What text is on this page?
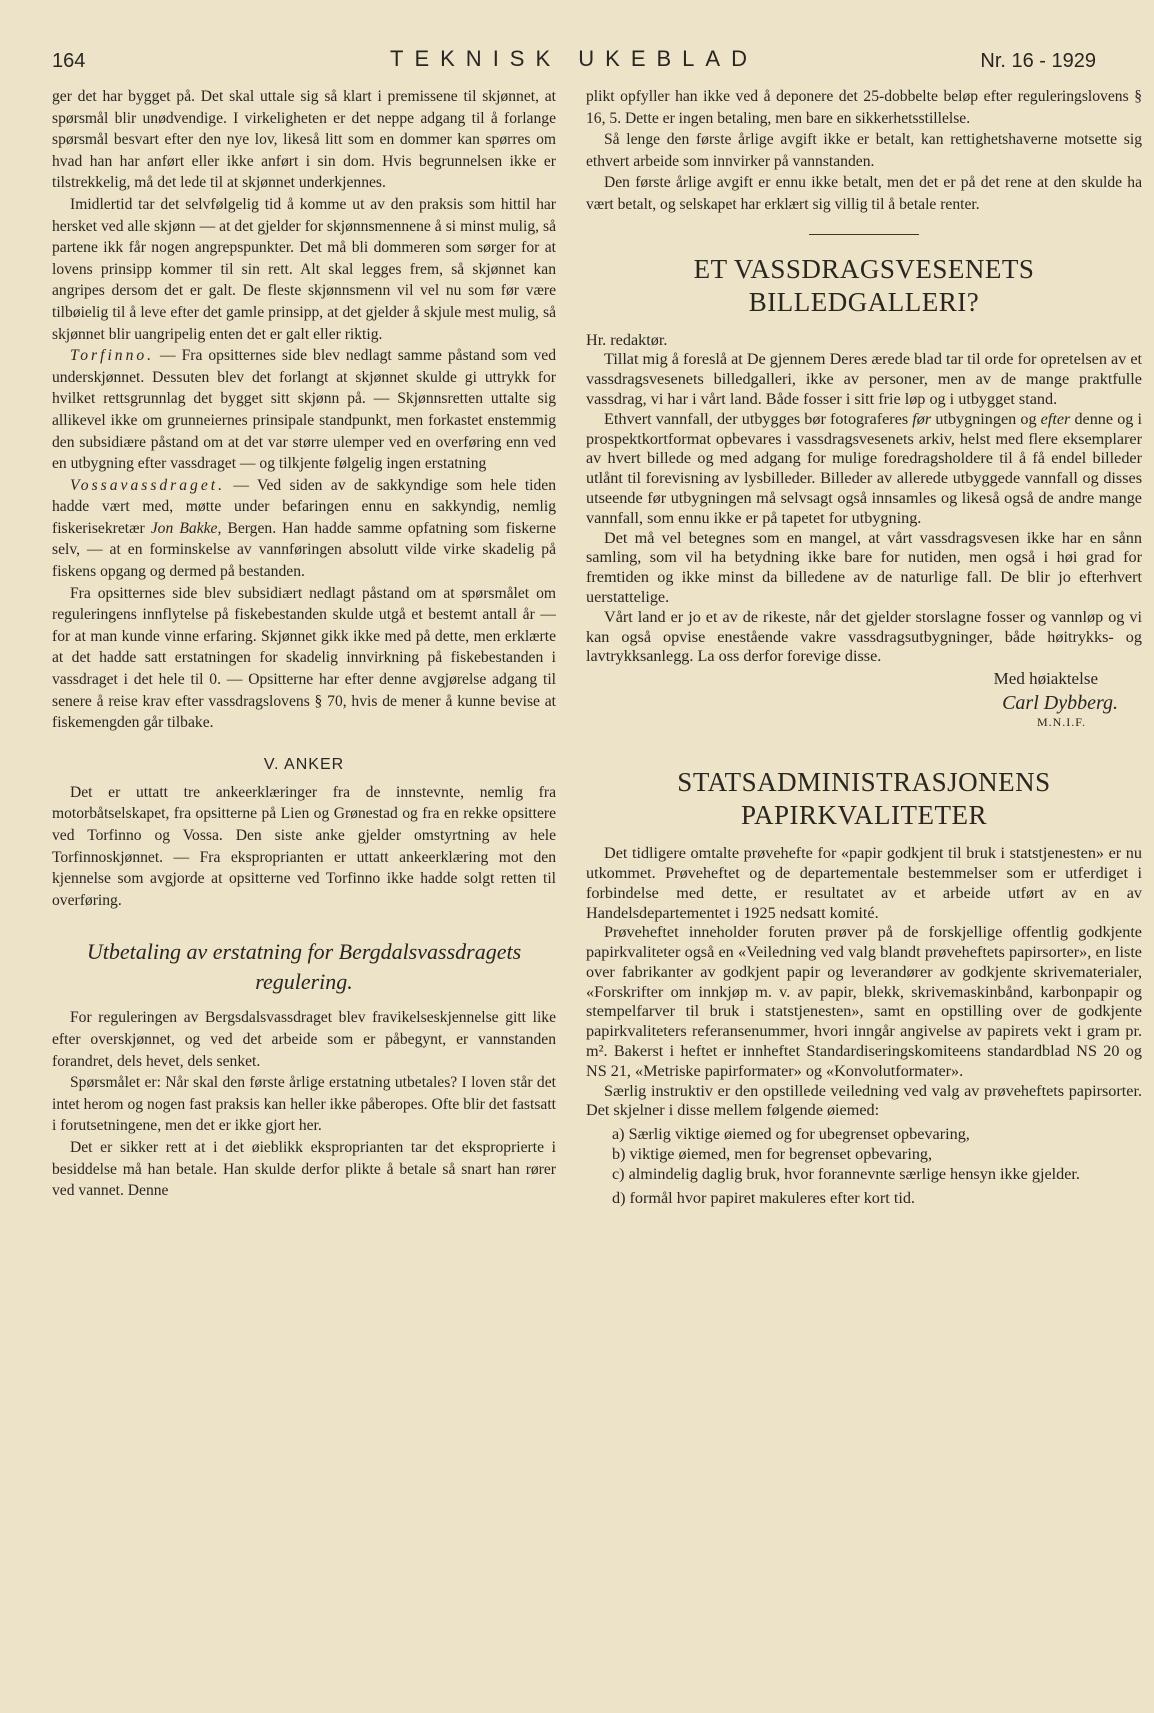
164	TEKNISK UKEBLAD	Nr. 16 - 1929

ger det har bygget på. Det skal uttale sig så klart i premissene til skjønnet, at spørsmål blir unødvendige. I virkeligheten er det neppe adgang til å forlange spørsmål besvart efter den nye lov, likeså litt som en dommer kan spørres om hvad han har anført eller ikke anført i sin dom. Hvis begrunnelsen ikke er tilstrekkelig, må det lede til at skjønnet underkjennes.

Imidlertid tar det selvfølgelig tid å komme ut av den praksis som hittil har hersket ved alle skjønn — at det gjelder for skjønnsmennene å si minst mulig, så partene ikk får nogen angrepspunkter. Det må bli dommeren som sørger for at lovens prinsipp kommer til sin rett. Alt skal legges frem, så skjønnet kan angripes dersom det er galt. De fleste skjønnsmenn vil vel nu som før være tilbøielig til å leve efter det gamle prinsipp, at det gjelder å skjule mest mulig, så skjønnet blir uangripelig enten det er galt eller riktig.

Torfinno. — Fra opsitternes side blev nedlagt samme påstand som ved underskjønnet. Dessuten blev det forlangt at skjønnet skulde gi uttrykk for hvilket rettsgrunnlag det bygget sitt skjønn på. — Skjønnsretten uttalte sig allikevel ikke om grunneiernes prinsipale standpunkt, men forkastet enstemmig den subsidiære påstand om at det var større ulemper ved en overføring enn ved en utbygning efter vassdraget — og tilkjente følgelig ingen erstatning

Vossavassdraget. — Ved siden av de sakkyndige som hele tiden hadde vært med, møtte under befaringen ennu en sakkyndig, nemlig fiskerisekretær Jon Bakke, Bergen. Han hadde samme opfatning som fiskerne selv, — at en forminskelse av vannføringen absolutt vilde virke skadelig på fiskens opgang og dermed på bestanden.

Fra opsitternes side blev subsidiært nedlagt påstand om at spørsmålet om reguleringens innflytelse på fiskebestanden skulde utgå et bestemt antall år — for at man kunde vinne erfaring. Skjønnet gikk ikke med på dette, men erklærte at det hadde satt erstatningen for skadelig innvirkning på fiskebestanden i vassdraget i det hele til 0. — Opsitterne har efter denne avgjørelse adgang til senere å reise krav efter vassdragslovens § 70, hvis de mener å kunne bevise at fiskemengden går tilbake.

V. ANKER

Det er uttatt tre ankeerklæringer fra de innstevnte, nemlig fra motorbåtselskapet, fra opsitterne på Lien og Grønestad og fra en rekke opsittere ved Torfinno og Vossa. Den siste anke gjelder omstyrtning av hele Torfinnoskjønnet. — Fra eksproprianten er uttatt ankeerklæring mot den kjennelse som avgjorde at opsitterne ved Torfinno ikke hadde solgt retten til overføring.

Utbetaling av erstatning for Bergdalsvassdragets regulering.

For reguleringen av Bergsdalsvassdraget blev fravikelseskjennelse gitt like efter overskjønnet, og ved det arbeide som er påbegynt, er vannstanden forandret, dels hevet, dels senket.

Spørsmålet er: Når skal den første årlige erstatning utbetales? I loven står det intet herom og nogen fast praksis kan heller ikke påberopes. Ofte blir det fastsatt i forutsetningene, men det er ikke gjort her.

Det er sikker rett at i det øieblikk eksproprianten tar det eksproprierte i besiddelse må han betale. Han skulde derfor plikte å betale så snart han rører ved vannet. Denne

plikt opfyller han ikke ved å deponere det 25-dobbelte beløp efter reguleringslovens § 16, 5. Dette er ingen betaling, men bare en sikkerhetsstillelse.

Så lenge den første årlige avgift ikke er betalt, kan rettighetshaverne motsette sig ethvert arbeide som innvirker på vannstanden.

Den første årlige avgift er ennu ikke betalt, men det er på det rene at den skulde ha vært betalt, og selskapet har erklært sig villig til å betale renter.

ET VASSDRAGSVESENETS BILLEDGALLERI?

Hr. redaktør.

Tillat mig å foreslå at De gjennem Deres ærede blad tar til orde for opretelsen av et vassdragsvesenets billedgalleri, ikke av personer, men av de mange praktfulle vassdrag, vi har i vårt land. Både fosser i sitt frie løp og i utbygget stand.

Ethvert vannfall, der utbygges bør fotograferes før utbygningen og efter denne og i prospektkortformat opbevares i vassdragsvesenets arkiv, helst med flere eksemplarer av hvert billede og med adgang for mulige foredragsholdere til å få endel billeder utlånt til forevisning av lysbilleder. Billeder av allerede utbyggede vannfall og disses utseende før utbygningen må selvsagt også innsamles og likeså også de andre mange vannfall, som ennu ikke er på tapetet for utbygning.

Det må vel betegnes som en mangel, at vårt vassdragsvesen ikke har en sånn samling, som vil ha betydning ikke bare for nutiden, men også i høi grad for fremtiden og ikke minst da billedene av de naturlige fall. De blir jo efterhvert uerstattelige.

Vårt land er jo et av de rikeste, når det gjelder storslagne fosser og vannløp og vi kan også opvise enestående vakre vassdragsutbygninger, både høitrykks- og lavtrykksanlegg. La oss derfor forevige disse.

Med høiaktelse
Carl Dybberg.
M.N.I.F.
STATSADMINISTRASJONENS PAPIRKVALITETER

Det tidligere omtalte prøvehefte for «papir godkjent til bruk i statstjenesten» er nu utkommet. Prøveheftet og de departementale bestemmelser som er utferdiget i forbindelse med dette, er resultatet av et arbeide utført av en av Handelsdepartementet i 1925 nedsatt komité.

Prøveheftet inneholder foruten prøver på de forskjellige offentlig godkjente papirkvaliteter også en «Veiledning ved valg blandt prøveheftets papirsorter», en liste over fabrikanter av godkjent papir og leverandører av godkjente skrivematerialer, «Forskrifter om innkjøp m. v. av papir, blekk, skrivemaskinbånd, karbonpapir og stempelfarver til bruk i statstjenesten», samt en opstilling over de godkjente papirkvaliteters referansenummer, hvori inngår angivelse av papirets vekt i gram pr. m². Bakerst i heftet er innheftet Standardiseringskomiteens standardblad NS 20 og NS 21, «Metriske papirformater» og «Konvolutformater».

Særlig instruktiv er den opstillede veiledning ved valg av prøveheftets papirsorter. Det skjelner i disse mellem følgende øiemed:

a) Særlig viktige øiemed og for ubegrenset opbevaring,

b) viktige øiemed, men for begrenset opbevaring,

c) almindelig daglig bruk, hvor forannevnte særlige hensyn ikke gjelder.

d) formål hvor papiret makuleres efter kort tid.
